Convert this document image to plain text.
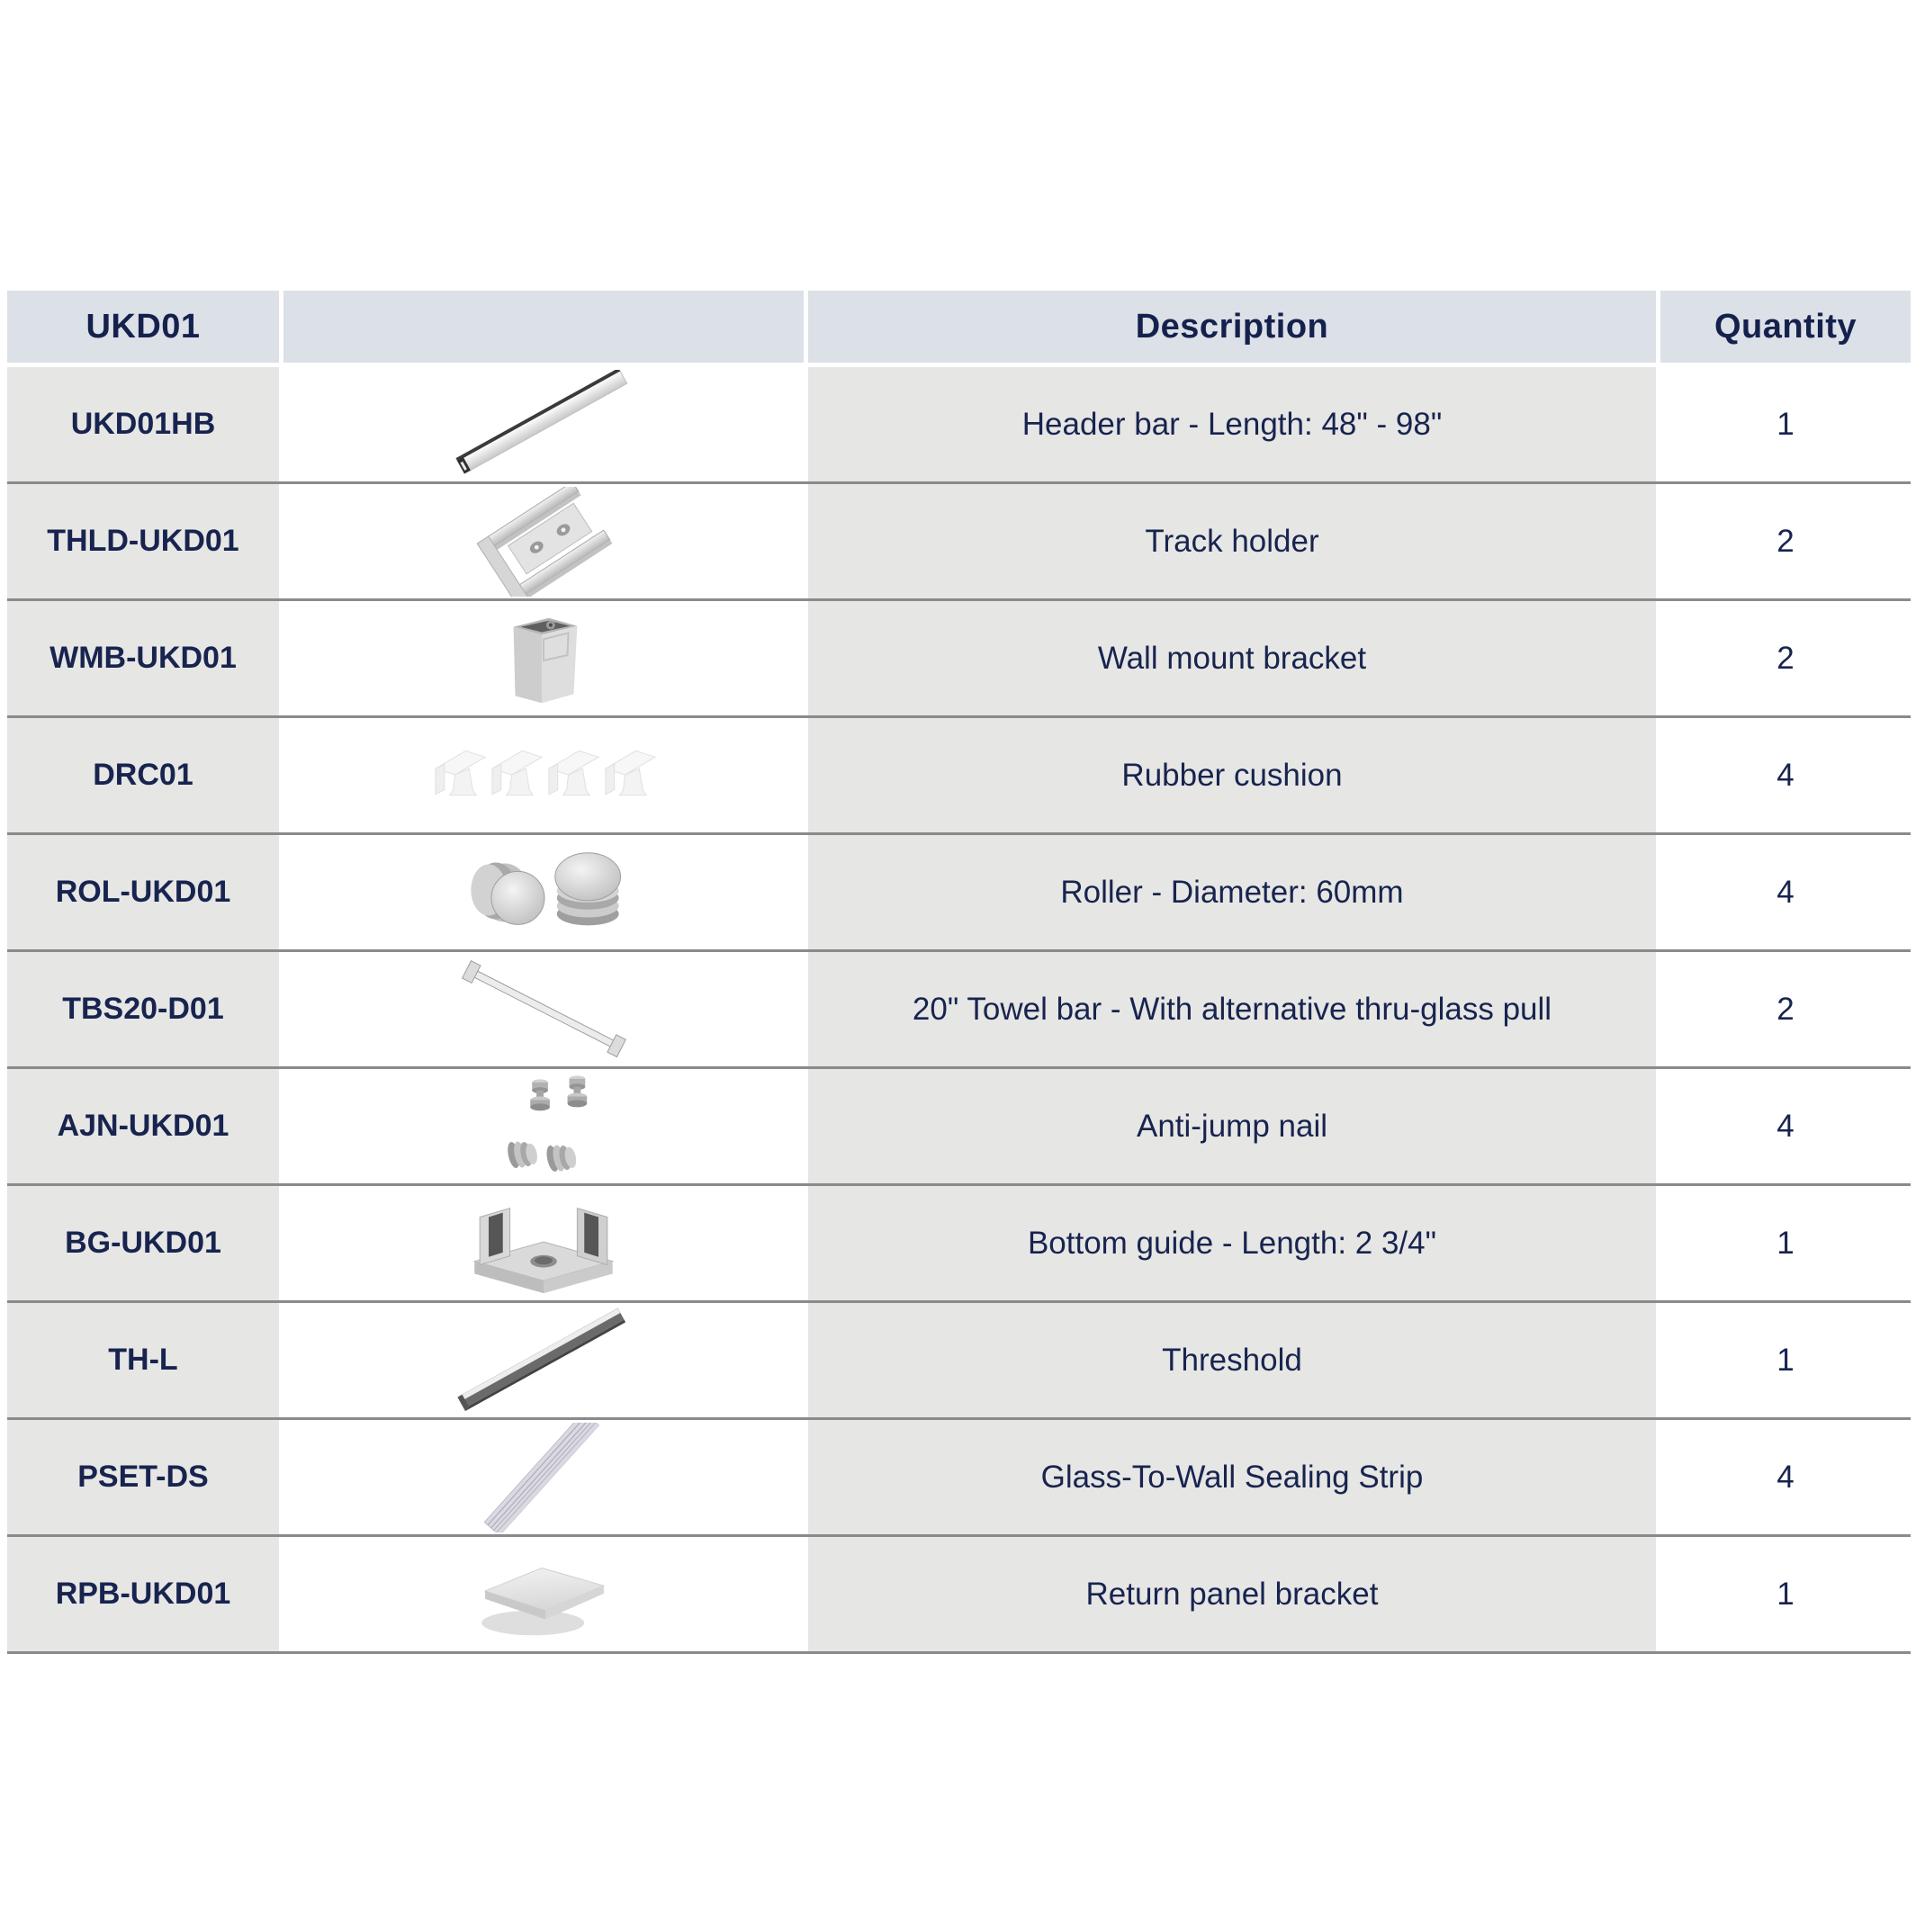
UKD01	Description	Quantity
UKD01HB	Header bar - Length: 48" - 98"	1
THLD-UKD01	Track holder	2
WMB-UKD01	Wall mount bracket	2
DRC01	Rubber cushion	4
ROL-UKD01	Roller - Diameter: 60mm	4
TBS20-D01	20" Towel bar - With alternative thru-glass pull	2
AJN-UKD01	Anti-jump nail	4
BG-UKD01	Bottom guide - Length: 2 3/4"	1
TH-L	Threshold	1
PSET-DS	Glass-To-Wall Sealing Strip	4
RPB-UKD01	Return panel bracket	1
